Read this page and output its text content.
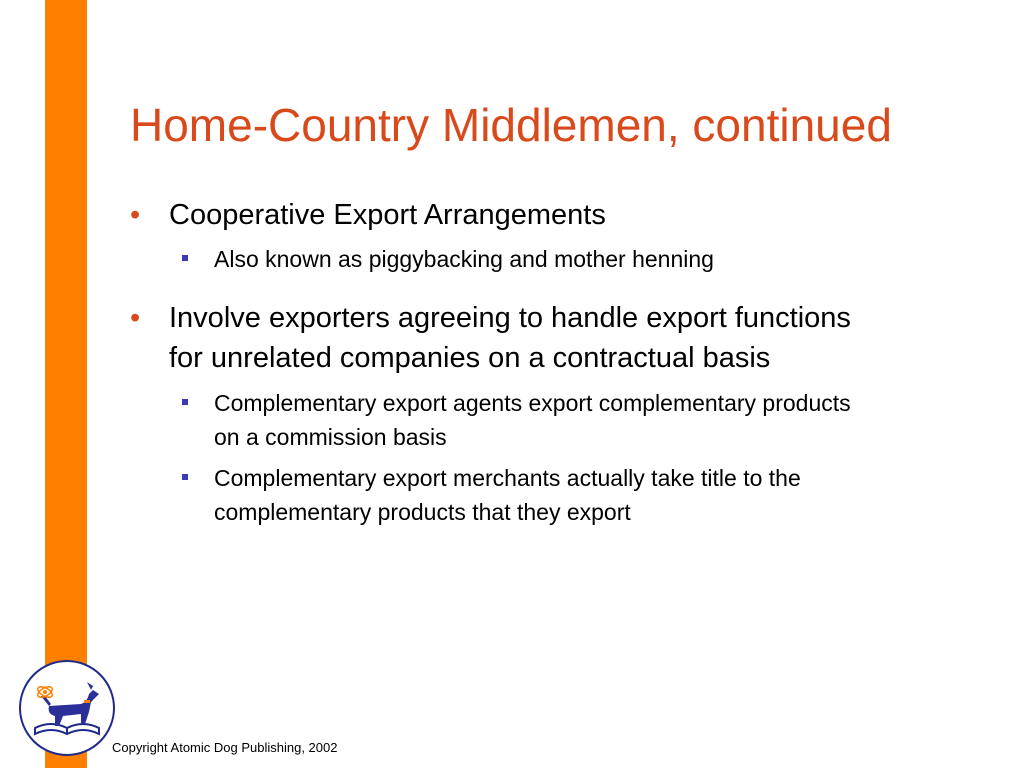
Home-Country Middlemen, continued
• Cooperative Export Arrangements
Also known as piggybacking and mother henning
• Involve exporters agreeing to handle export functions
for unrelated companies on a contractual basis
Complementary export agents export complementary products
on a commission basis
Complementary export merchants actually take title to the
complementary products that they export
Copyright Atomic Dog Publishing, 2002
